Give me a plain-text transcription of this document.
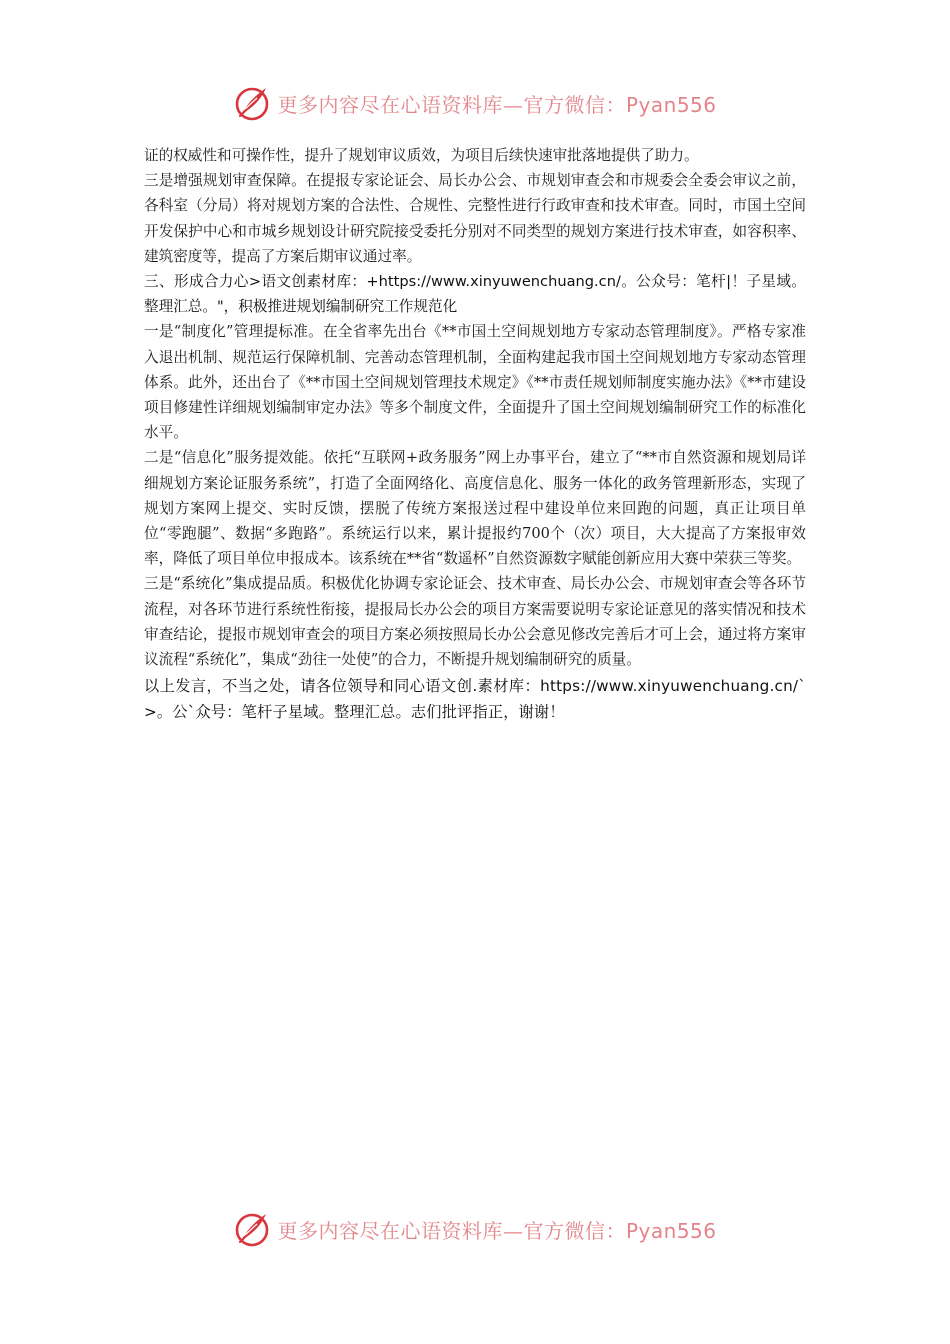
更多内容尽在心语资料库—官方微信：Pyan556

证的权威性和可操作性，提升了规划审议质效，为项目后续快速审批落地提供了助力。

三是增强规划审查保障。在提报专家论证会、局长办公会、市规划审查会和市规委会全委会审议之前，各科室（分局）将对规划方案的合法性、合规性、完整性进行行政审查和技术审查。同时，市国土空间开发保护中心和市城乡规划设计研究院接受委托分别对不同类型的规划方案进行技术审查，如容积率、建筑密度等，提高了方案后期审议通过率。

三、形成合力心>语文创素材库：+https://www.xinyuwenchuang.cn/。公众号：笔杆|！子星域。整理汇总。"，积极推进规划编制研究工作规范化

一是“制度化”管理提标准。在全省率先出台《**市国土空间规划地方专家动态管理制度》。严格专家准入退出机制、规范运行保障机制、完善动态管理机制，全面构建起我市国土空间规划地方专家动态管理体系。此外，还出台了《**市国土空间规划管理技术规定》《**市责任规划师制度实施办法》《**市建设项目修建性详细规划编制审定办法》等多个制度文件，全面提升了国土空间规划编制研究工作的标准化水平。

二是“信息化”服务提效能。依托“互联网+政务服务”网上办事平台，建立了“**市自然资源和规划局详细规划方案论证服务系统”，打造了全面网络化、高度信息化、服务一体化的政务管理新形态，实现了规划方案网上提交、实时反馈，摆脱了传统方案报送过程中建设单位来回跑的问题，真正让项目单位“零跑腿”、数据“多跑路”。系统运行以来，累计提报约700个（次）项目，大大提高了方案报审效率，降低了项目单位申报成本。该系统在**省“数遥杯”自然资源数字赋能创新应用大赛中荣获三等奖。

三是“系统化”集成提品质。积极优化协调专家论证会、技术审查、局长办公会、市规划审查会等各环节流程，对各环节进行系统性衔接，提报局长办公会的项目方案需要说明专家论证意见的落实情况和技术审查结论，提报市规划审查会的项目方案必须按照局长办公会意见修改完善后才可上会，通过将方案审议流程“系统化”，集成“劲往一处使”的合力，不断提升规划编制研究的质量。

以上发言，不当之处，请各位领导和同心语文创.素材库：https://www.xinyuwenchuang.cn/`>。公`众号：笔杆子星域。整理汇总。志们批评指正，谢谢！

更多内容尽在心语资料库—官方微信：Pyan556
